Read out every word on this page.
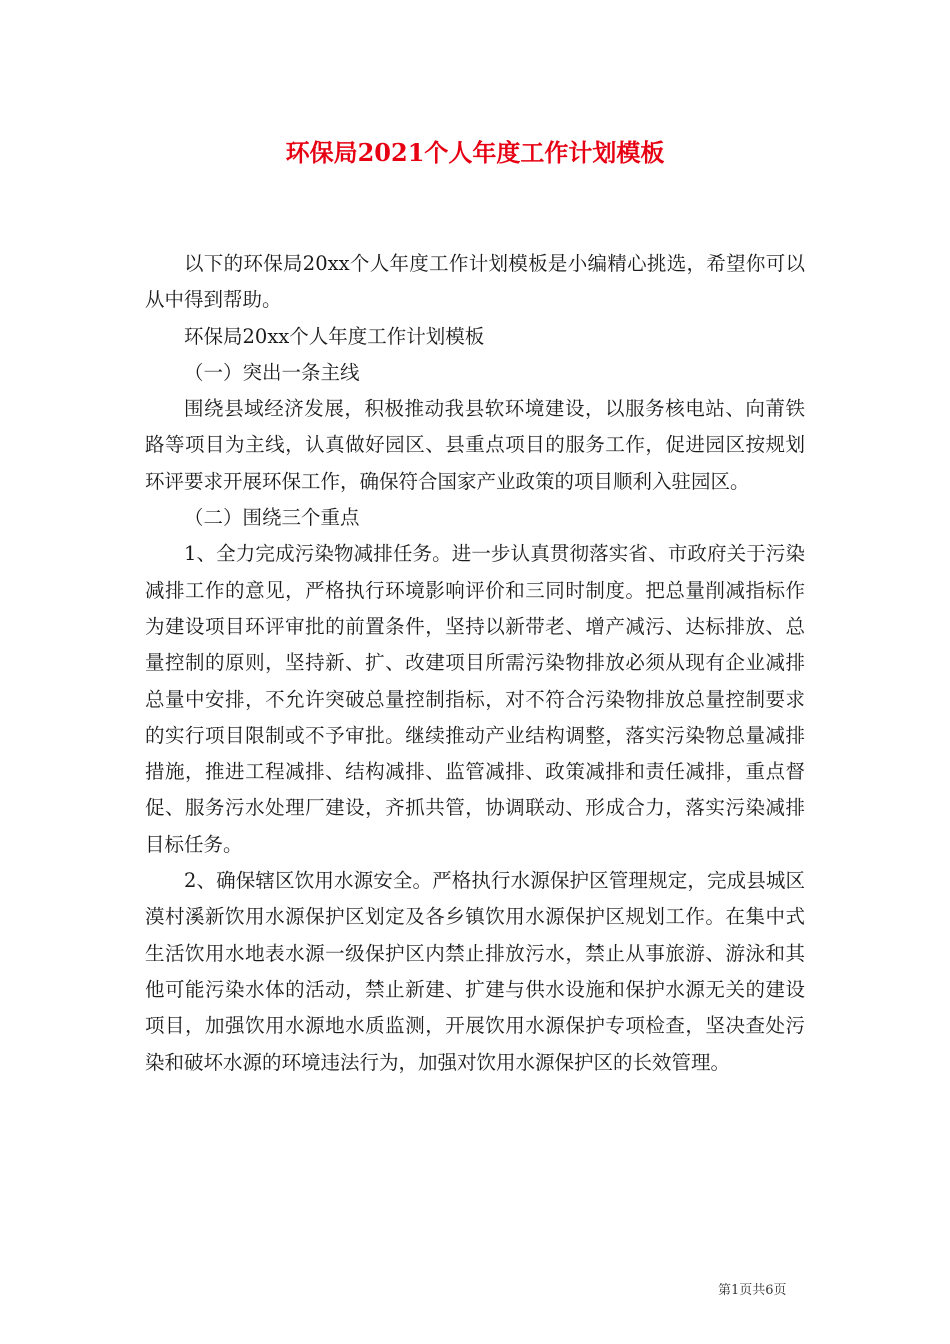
环保局2021个人年度工作计划模板

以下的环保局20xx个人年度工作计划模板是小编精心挑选，希望你可以从中得到帮助。

环保局20xx个人年度工作计划模板

（一）突出一条主线

围绕县域经济发展，积极推动我县软环境建设，以服务核电站、向莆铁路等项目为主线，认真做好园区、县重点项目的服务工作，促进园区按规划环评要求开展环保工作，确保符合国家产业政策的项目顺利入驻园区。

（二）围绕三个重点

1、全力完成污染物减排任务。进一步认真贯彻落实省、市政府关于污染减排工作的意见，严格执行环境影响评价和三同时制度。把总量削减指标作为建设项目环评审批的前置条件，坚持以新带老、增产减污、达标排放、总量控制的原则，坚持新、扩、改建项目所需污染物排放必须从现有企业减排总量中安排，不允许突破总量控制指标，对不符合污染物排放总量控制要求的实行项目限制或不予审批。继续推动产业结构调整，落实污染物总量减排措施，推进工程减排、结构减排、监管减排、政策减排和责任减排，重点督促、服务污水处理厂建设，齐抓共管，协调联动、形成合力，落实污染减排目标任务。

2、确保辖区饮用水源安全。严格执行水源保护区管理规定，完成县城区漠村溪新饮用水源保护区划定及各乡镇饮用水源保护区规划工作。在集中式生活饮用水地表水源一级保护区内禁止排放污水，禁止从事旅游、游泳和其他可能污染水体的活动，禁止新建、扩建与供水设施和保护水源无关的建设项目，加强饮用水源地水质监测，开展饮用水源保护专项检查，坚决查处污染和破坏水源的环境违法行为，加强对饮用水源保护区的长效管理。

第1页共6页
